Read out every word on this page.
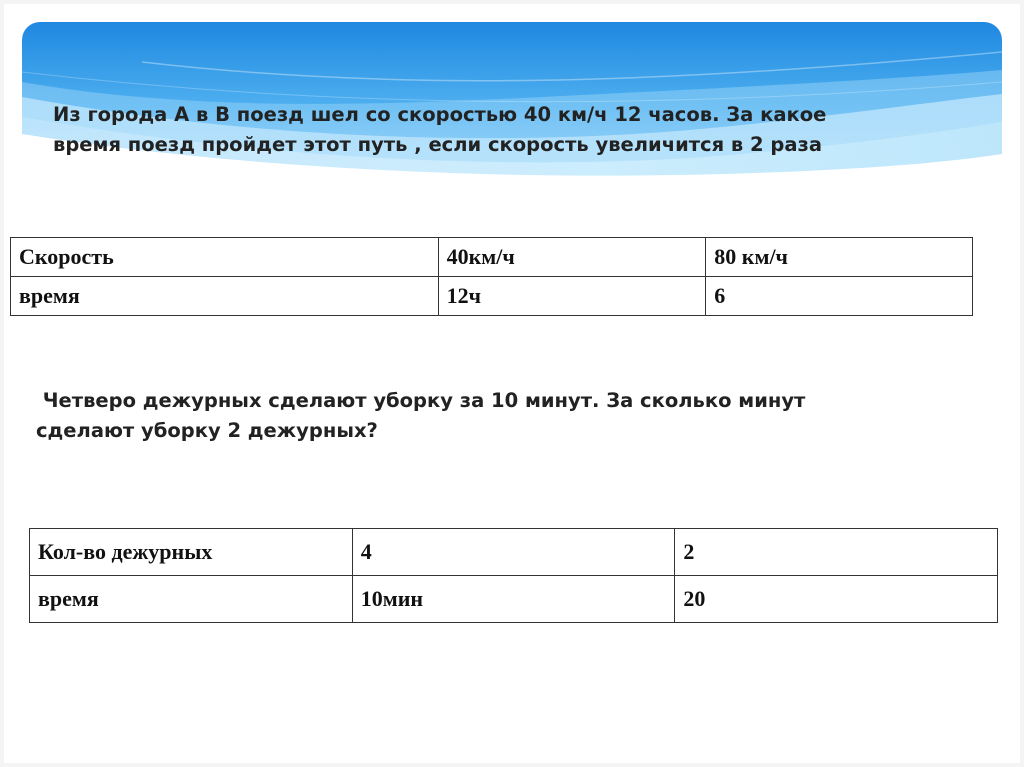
Из города А в В поезд шел со скоростью 40 км/ч 12 часов. За какое
время поезд пройдет этот путь , если скорость увеличится в 2 раза

Скорость	40км/ч	80 км/ч
время	12ч	6

Четверо дежурных сделают уборку за 10 минут. За сколько минут
сделают уборку 2 дежурных?

Кол-во дежурных	4	2
время	10мин	20
